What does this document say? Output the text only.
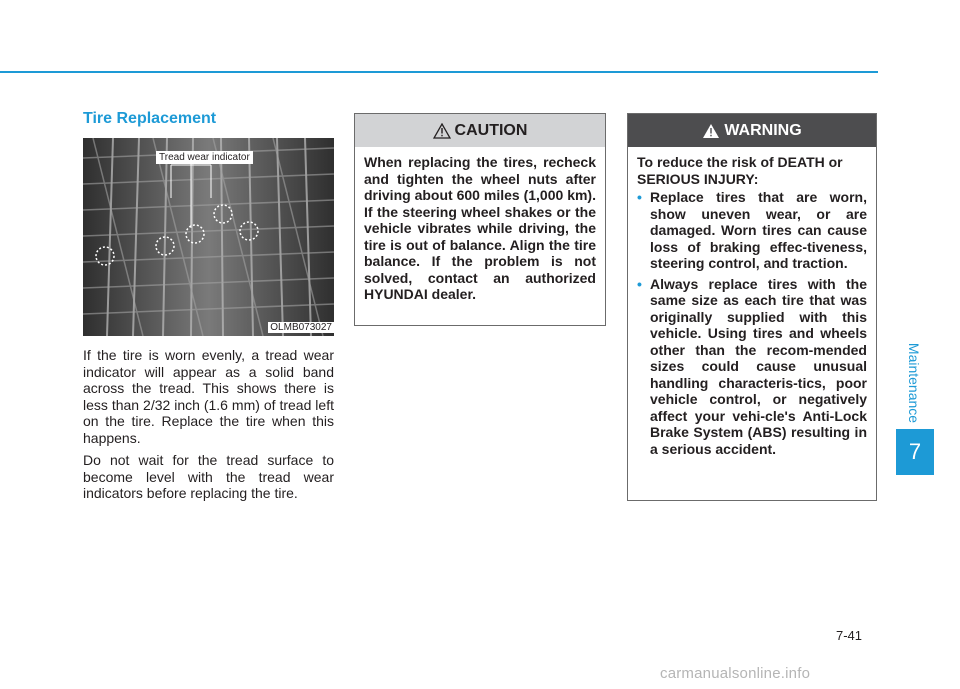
Maintenance
7
Tire Replacement
Tread wear indicator
OLMB073027

If the tire is worn evenly, a tread wear indicator will appear as a solid band across the tread. This shows there is less than 2/32 inch (1.6 mm) of tread left on the tire. Replace the tire when this happens.

Do not wait for the tread surface to become level with the tread wear indicators before replacing the tire.

CAUTION
When replacing the tires, recheck and tighten the wheel nuts after driving about 600 miles (1,000 km). If the steering wheel shakes or the vehicle vibrates while driving, the tire is out of balance. Align the tire balance. If the problem is not solved, contact an authorized HYUNDAI dealer.
WARNING
To reduce the risk of DEATH or SERIOUS INJURY:
• Replace tires that are worn, show uneven wear, or are damaged. Worn tires can cause loss of braking effec-tiveness, steering control, and traction.
• Always replace tires with the same size as each tire that was originally supplied with this vehicle. Using tires and wheels other than the recom-mended sizes could cause unusual handling characteris-tics, poor vehicle control, or negatively affect your vehi-cle's Anti-Lock Brake System (ABS) resulting in a serious accident.
7-41
carmanualsonline.info
